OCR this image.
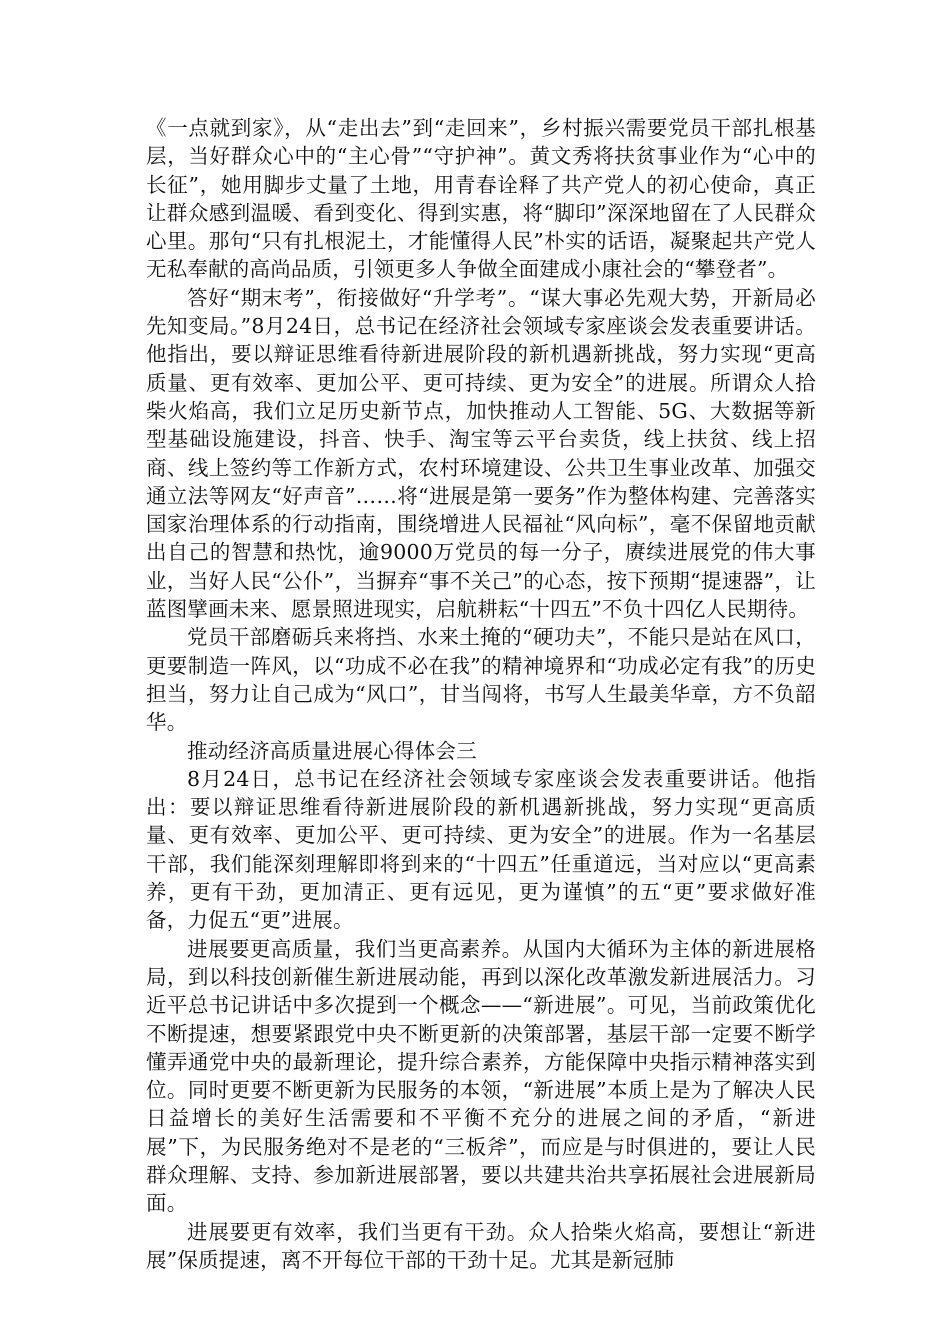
《一点就到家》，从“走出去”到“走回来”，乡村振兴需要党员干部扎根基层，当好群众心中的“主心骨”“守护神”。黄文秀将扶贫事业作为“心中的长征”，她用脚步丈量了土地，用青春诠释了共产党人的初心使命，真正让群众感到温暖、看到变化、得到实惠，将“脚印”深深地留在了人民群众心里。那句“只有扎根泥土，才能懂得人民”朴实的话语，凝聚起共产党人无私奉献的高尚品质，引领更多人争做全面建成小康社会的“攀登者”。

答好“期末考”，衔接做好“升学考”。“谋大事必先观大势，开新局必先知变局。”8月24日，总书记在经济社会领域专家座谈会发表重要讲话。他指出，要以辩证思维看待新进展阶段的新机遇新挑战，努力实现“更高质量、更有效率、更加公平、更可持续、更为安全”的进展。所谓众人拾柴火焰高，我们立足历史新节点，加快推动人工智能、5G、大数据等新型基础设施建设，抖音、快手、淘宝等云平台卖货，线上扶贫、线上招商、线上签约等工作新方式，农村环境建设、公共卫生事业改革、加强交通立法等网友“好声音”……将“进展是第一要务”作为整体构建、完善落实国家治理体系的行动指南，围绕增进人民福祉“风向标”，毫不保留地贡献出自己的智慧和热忱，逾9000万党员的每一分子，赓续进展党的伟大事业，当好人民“公仆”，当摒弃“事不关己”的心态，按下预期“提速器”，让蓝图擘画未来、愿景照进现实，启航耕耘“十四五”不负十四亿人民期待。

党员干部磨砺兵来将挡、水来土掩的“硬功夫”，不能只是站在风口，更要制造一阵风，以“功成不必在我”的精神境界和“功成必定有我”的历史担当，努力让自己成为“风口”，甘当闯将，书写人生最美华章，方不负韶华。

推动经济高质量进展心得体会三

8月24日，总书记在经济社会领域专家座谈会发表重要讲话。他指出：要以辩证思维看待新进展阶段的新机遇新挑战，努力实现“更高质量、更有效率、更加公平、更可持续、更为安全”的进展。作为一名基层干部，我们能深刻理解即将到来的“十四五”任重道远，当对应以“更高素养，更有干劲，更加清正、更有远见，更为谨慎”的五“更”要求做好准备，力促五“更”进展。

进展要更高质量，我们当更高素养。从国内大循环为主体的新进展格局，到以科技创新催生新进展动能，再到以深化改革激发新进展活力。习近平总书记讲话中多次提到一个概念——“新进展”。可见，当前政策优化不断提速，想要紧跟党中央不断更新的决策部署，基层干部一定要不断学懂弄通党中央的最新理论，提升综合素养，方能保障中央指示精神落实到位。同时更要不断更新为民服务的本领，“新进展”本质上是为了解决人民日益增长的美好生活需要和不平衡不充分的进展之间的矛盾，“新进展”下，为民服务绝对不是老的“三板斧”，而应是与时俱进的，要让人民群众理解、支持、参加新进展部署，要以共建共治共享拓展社会进展新局面。

进展要更有效率，我们当更有干劲。众人拾柴火焰高，要想让“新进展”保质提速，离不开每位干部的干劲十足。尤其是新冠肺
